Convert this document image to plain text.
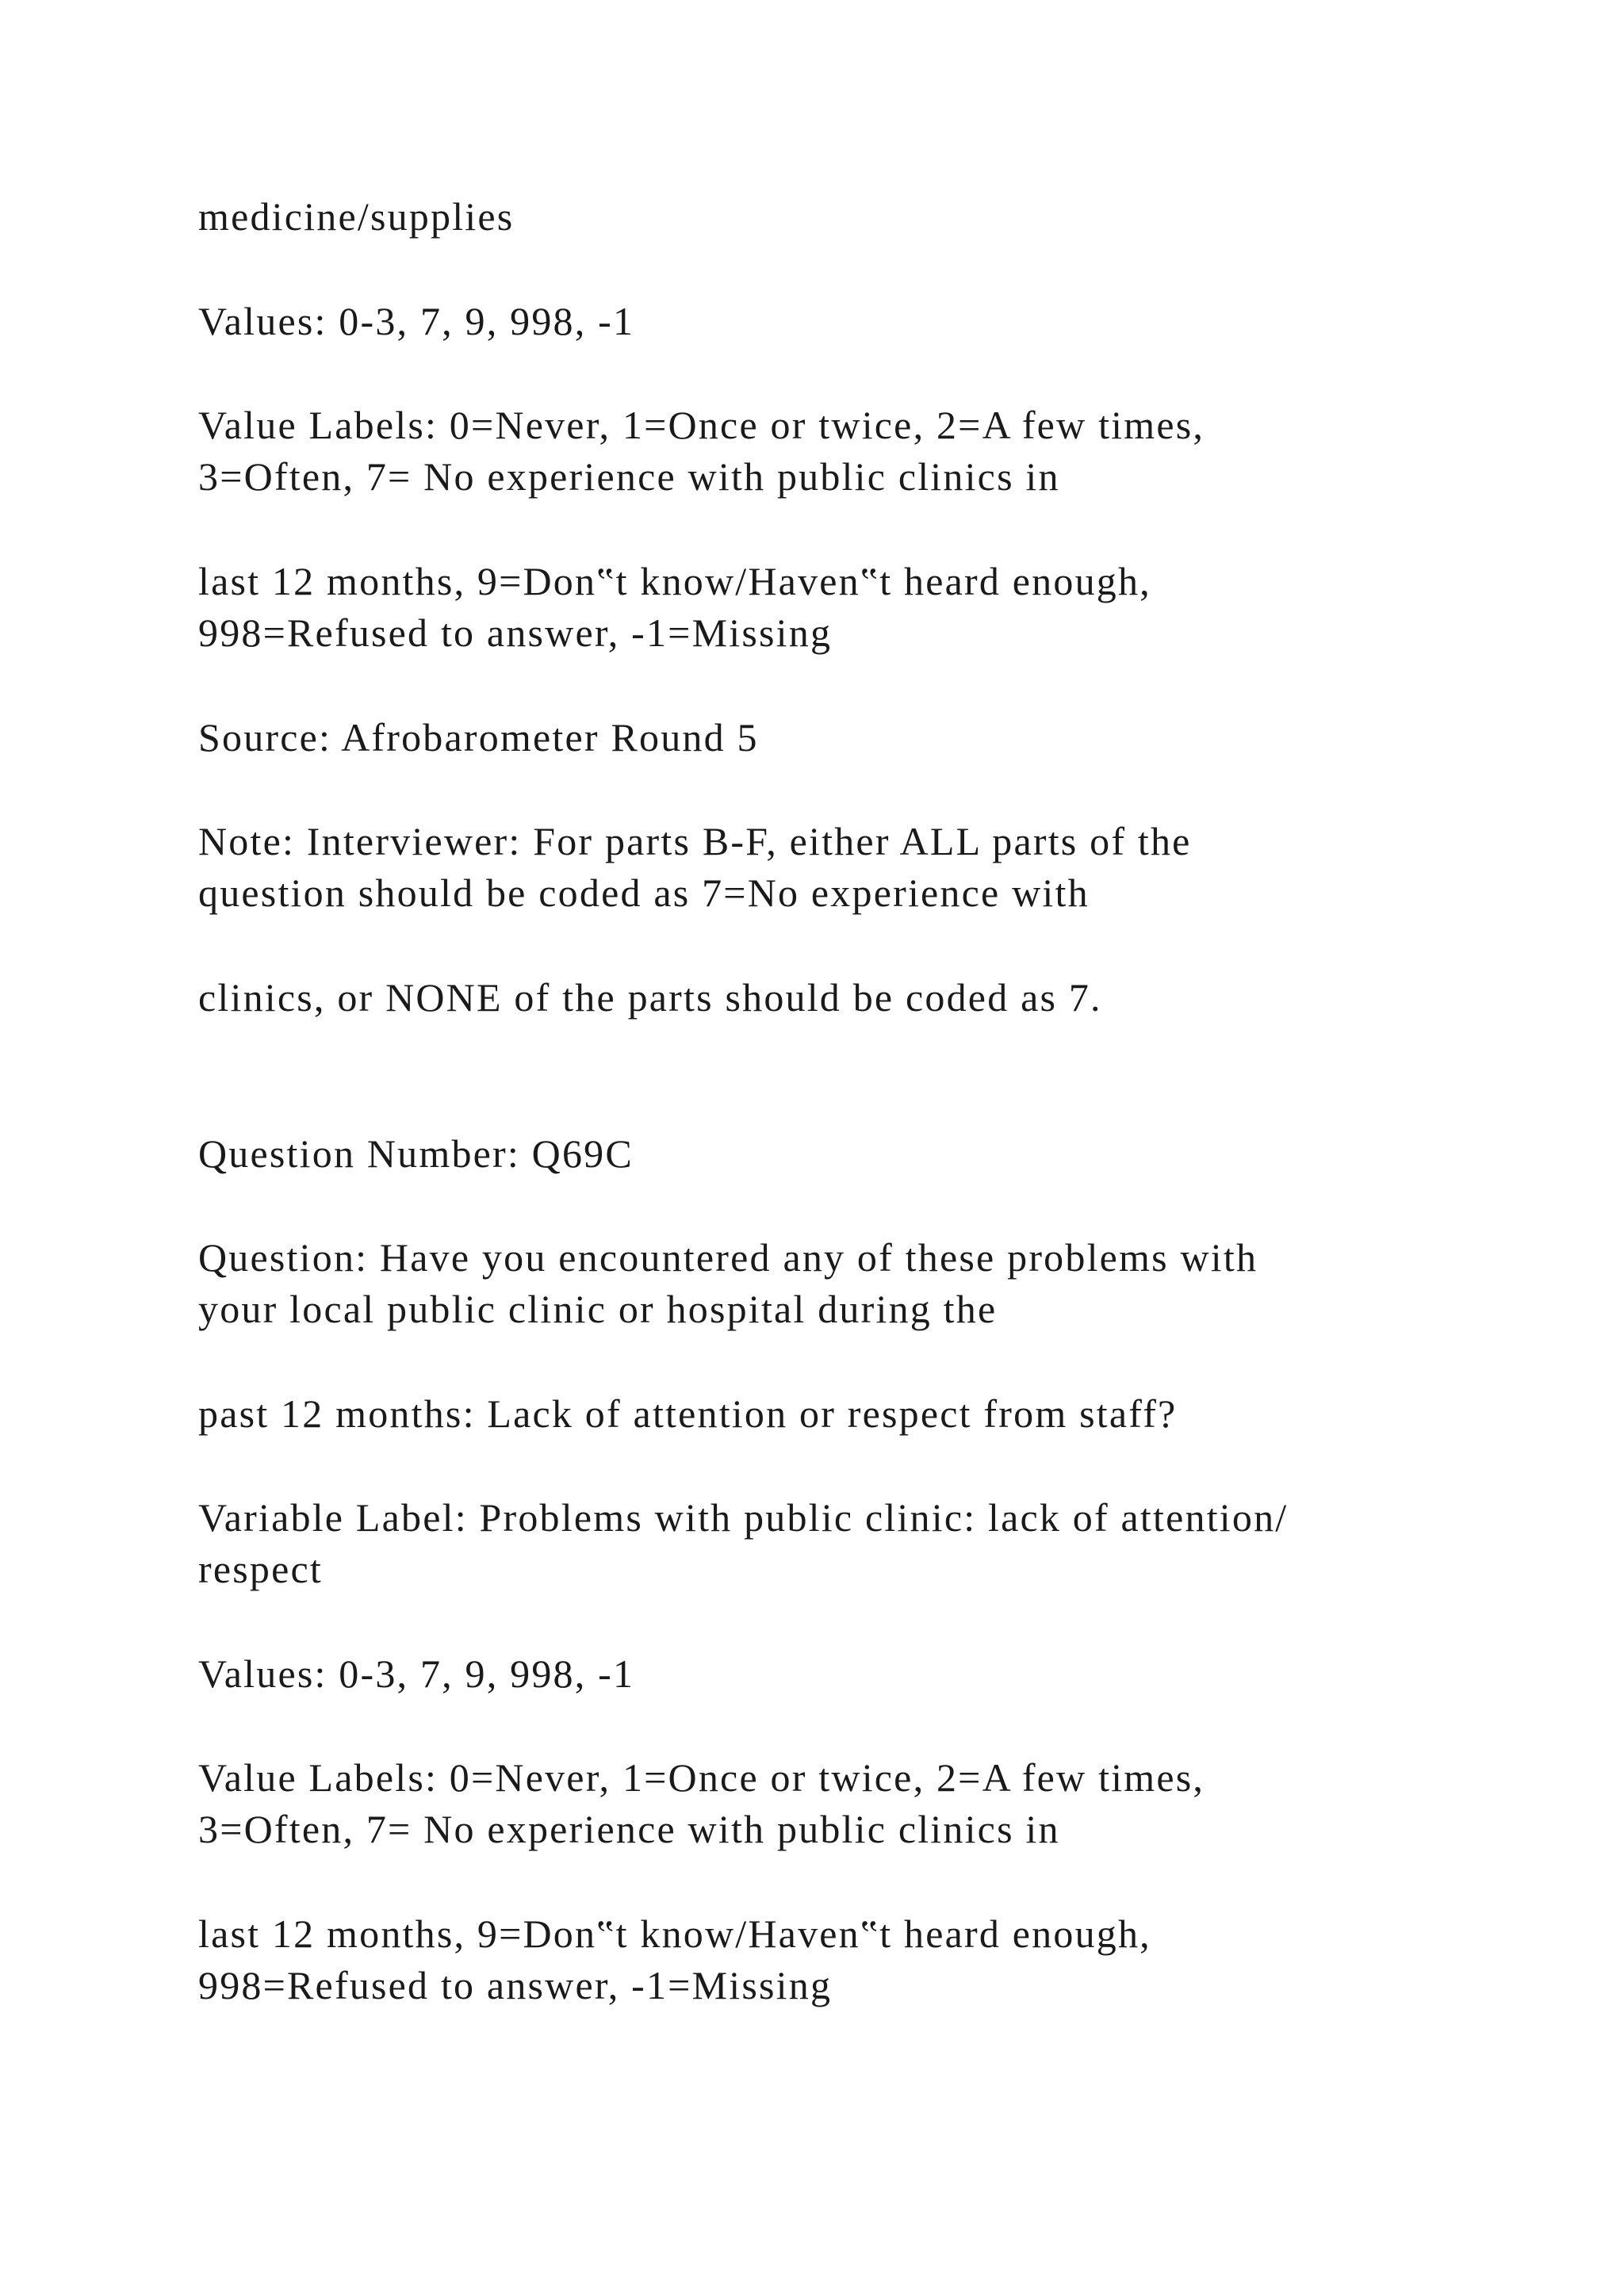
medicine/supplies
Values: 0-3, 7, 9, 998, -1
Value Labels: 0=Never, 1=Once or twice, 2=A few times,
3=Often, 7= No experience with public clinics in
last 12 months, 9=Don‟t know/Haven‟t heard enough,
998=Refused to answer, -1=Missing
Source: Afrobarometer Round 5
Note: Interviewer: For parts B-F, either ALL parts of the
question should be coded as 7=No experience with
clinics, or NONE of the parts should be coded as 7.
Question Number: Q69C
Question: Have you encountered any of these problems with
your local public clinic or hospital during the
past 12 months: Lack of attention or respect from staff?
Variable Label: Problems with public clinic: lack of attention/
respect
Values: 0-3, 7, 9, 998, -1
Value Labels: 0=Never, 1=Once or twice, 2=A few times,
3=Often, 7= No experience with public clinics in
last 12 months, 9=Don‟t know/Haven‟t heard enough,
998=Refused to answer, -1=Missing
